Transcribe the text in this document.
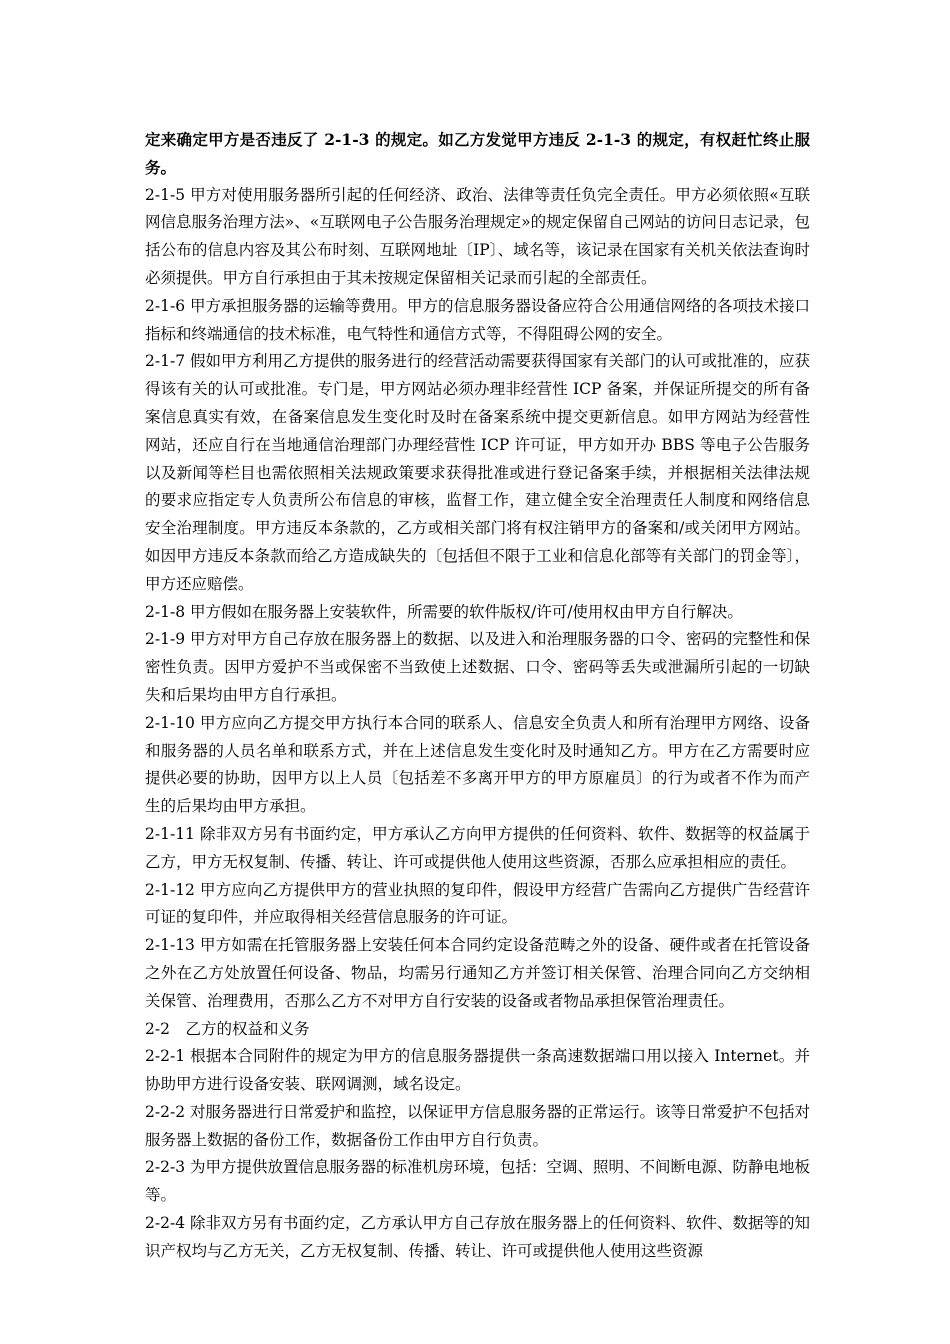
定来确定甲方是否违反了 2-1-3 的规定。如乙方发觉甲方违反 2-1-3 的规定，有权赶忙终止服务。

2-1-5 甲方对使用服务器所引起的任何经济、政治、法律等责任负完全责任。甲方必须依照«互联网信息服务治理方法»、«互联网电子公告服务治理规定»的规定保留自己网站的访问日志记录，包括公布的信息内容及其公布时刻、互联网地址〔IP〕、域名等，该记录在国家有关机关依法查询时必须提供。甲方自行承担由于其未按规定保留相关记录而引起的全部责任。

2-1-6 甲方承担服务器的运输等费用。甲方的信息服务器设备应符合公用通信网络的各项技术接口指标和终端通信的技术标准，电气特性和通信方式等，不得阻碍公网的安全。

2-1-7 假如甲方利用乙方提供的服务进行的经营活动需要获得国家有关部门的认可或批准的，应获得该有关的认可或批准。专门是，甲方网站必须办理非经营性 ICP 备案，并保证所提交的所有备案信息真实有效，在备案信息发生变化时及时在备案系统中提交更新信息。如甲方网站为经营性网站，还应自行在当地通信治理部门办理经营性 ICP 许可证，甲方如开办 BBS 等电子公告服务以及新闻等栏目也需依照相关法规政策要求获得批准或进行登记备案手续，并根据相关法律法规的要求应指定专人负责所公布信息的审核，监督工作，建立健全安全治理责任人制度和网络信息安全治理制度。甲方违反本条款的，乙方或相关部门将有权注销甲方的备案和/或关闭甲方网站。如因甲方违反本条款而给乙方造成缺失的〔包括但不限于工业和信息化部等有关部门的罚金等〕，甲方还应赔偿。

2-1-8 甲方假如在服务器上安装软件，所需要的软件版权/许可/使用权由甲方自行解决。

2-1-9 甲方对甲方自己存放在服务器上的数据、以及进入和治理服务器的口令、密码的完整性和保密性负责。因甲方爱护不当或保密不当致使上述数据、口令、密码等丢失或泄漏所引起的一切缺失和后果均由甲方自行承担。

2-1-10 甲方应向乙方提交甲方执行本合同的联系人、信息安全负责人和所有治理甲方网络、设备和服务器的人员名单和联系方式，并在上述信息发生变化时及时通知乙方。甲方在乙方需要时应提供必要的协助，因甲方以上人员〔包括差不多离开甲方的甲方原雇员〕的行为或者不作为而产生的后果均由甲方承担。

2-1-11 除非双方另有书面约定，甲方承认乙方向甲方提供的任何资料、软件、数据等的权益属于乙方，甲方无权复制、传播、转让、许可或提供他人使用这些资源，否那么应承担相应的责任。

2-1-12 甲方应向乙方提供甲方的营业执照的复印件，假设甲方经营广告需向乙方提供广告经营许可证的复印件，并应取得相关经营信息服务的许可证。

2-1-13 甲方如需在托管服务器上安装任何本合同约定设备范畴之外的设备、硬件或者在托管设备之外在乙方处放置任何设备、物品，均需另行通知乙方并签订相关保管、治理合同向乙方交纳相关保管、治理费用，否那么乙方不对甲方自行安装的设备或者物品承担保管治理责任。

2-2　乙方的权益和义务

2-2-1 根据本合同附件的规定为甲方的信息服务器提供一条高速数据端口用以接入 Internet。并协助甲方进行设备安装、联网调测，域名设定。

2-2-2 对服务器进行日常爱护和监控，以保证甲方信息服务器的正常运行。该等日常爱护不包括对服务器上数据的备份工作，数据备份工作由甲方自行负责。

2-2-3 为甲方提供放置信息服务器的标准机房环境，包括：空调、照明、不间断电源、防静电地板等。

2-2-4 除非双方另有书面约定，乙方承认甲方自己存放在服务器上的任何资料、软件、数据等的知识产权均与乙方无关，乙方无权复制、传播、转让、许可或提供他人使用这些资源
